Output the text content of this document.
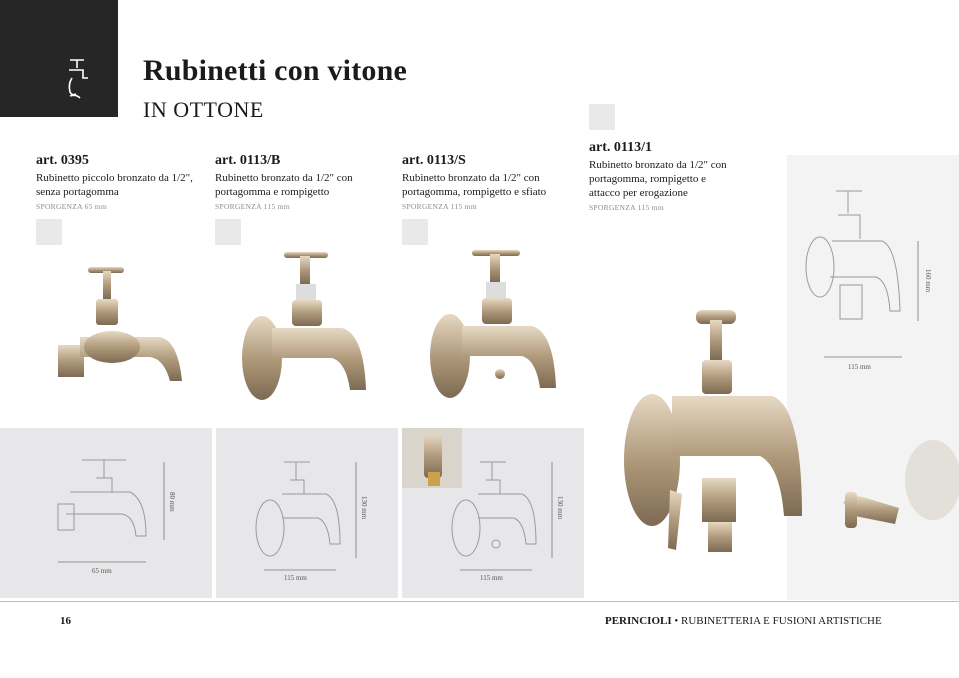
Rubinetti con vitone
IN OTTONE
art. 0395
Rubinetto piccolo bronzato da 1/2", senza portagomma
SPORGENZA 65 mm
art. 0113/B
Rubinetto bronzato da 1/2" con portagomma e rompigetto
SPORGENZA 115 mm
art. 0113/S
Rubinetto bronzato da 1/2" con portagomma, rompigetto e sfiato
SPORGENZA 115 mm
art. 0113/1
Rubinetto bronzato da 1/2" con portagomma, rompigetto e attacco per erogazione
SPORGENZA 115 mm
160 mm
115 mm
80 mm
65 mm
130 mm
115 mm
130 mm
115 mm
16	PERINCIOLI • RUBINETTERIA E FUSIONI ARTISTICHE
